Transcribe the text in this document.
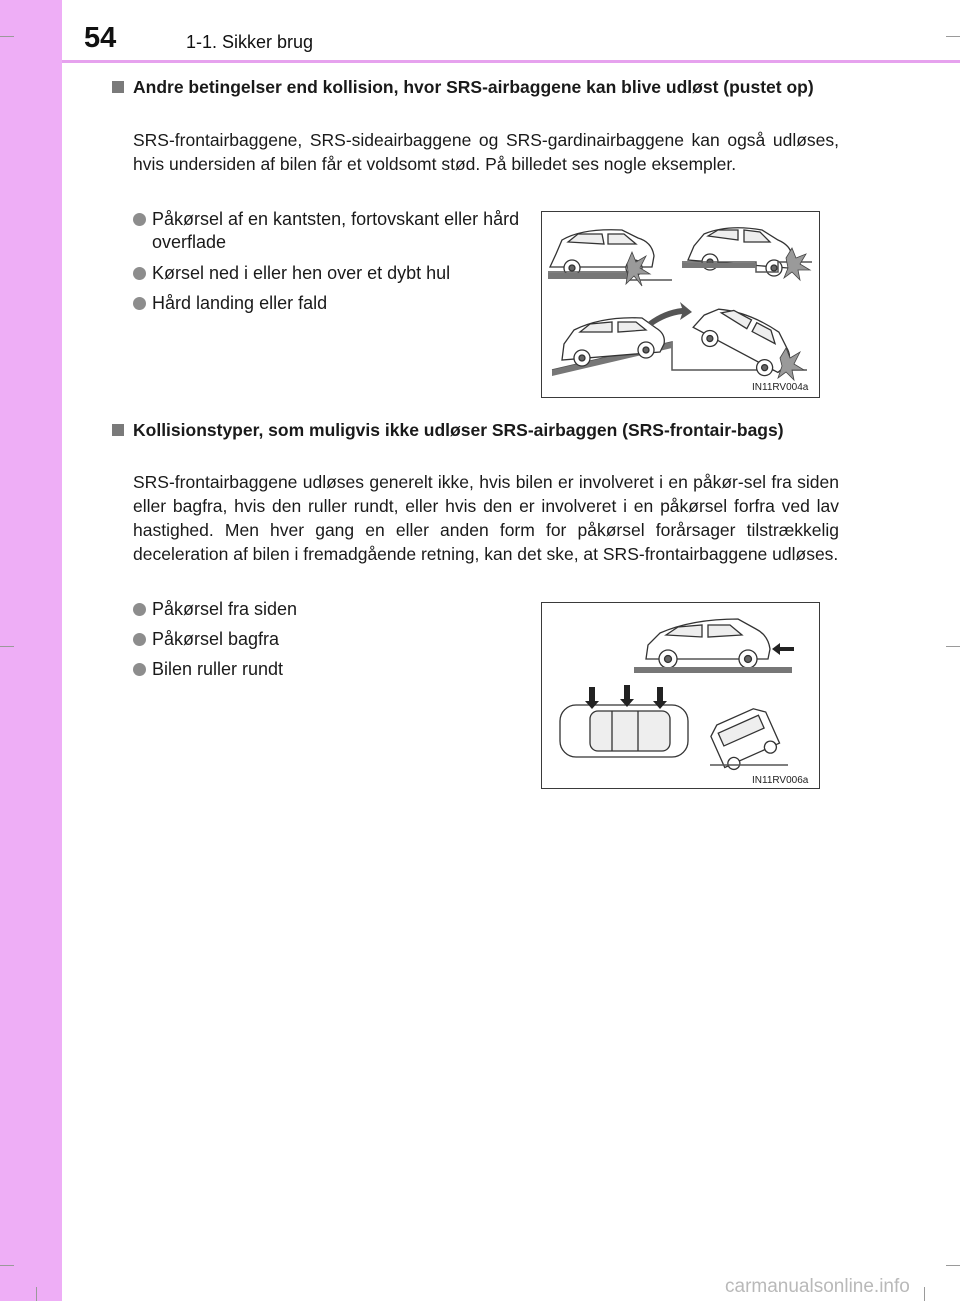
54	1-1. Sikker brug
Andre betingelser end kollision, hvor SRS-airbaggene kan blive udløst (pustet op)
SRS-frontairbaggene, SRS-sideairbaggene og SRS-gardinairbaggene kan også udløses, hvis undersiden af bilen får et voldsomt stød. På billedet ses nogle eksempler.
Påkørsel af en kantsten, fortovskant eller hård overflade
Kørsel ned i eller hen over et dybt hul
Hård landing eller fald
IN11RV004a
Kollisionstyper, som muligvis ikke udløser SRS-airbaggen (SRS-frontair-bags)
SRS-frontairbaggene udløses generelt ikke, hvis bilen er involveret i en påkør-sel fra siden eller bagfra, hvis den ruller rundt, eller hvis den er involveret i en påkørsel forfra ved lav hastighed. Men hver gang en eller anden form for påkørsel forårsager tilstrækkelig deceleration af bilen i fremadgående retning, kan det ske, at SRS-frontairbaggene udløses.
Påkørsel fra siden
Påkørsel bagfra
Bilen ruller rundt
IN11RV006a
carmanualsonline.info
